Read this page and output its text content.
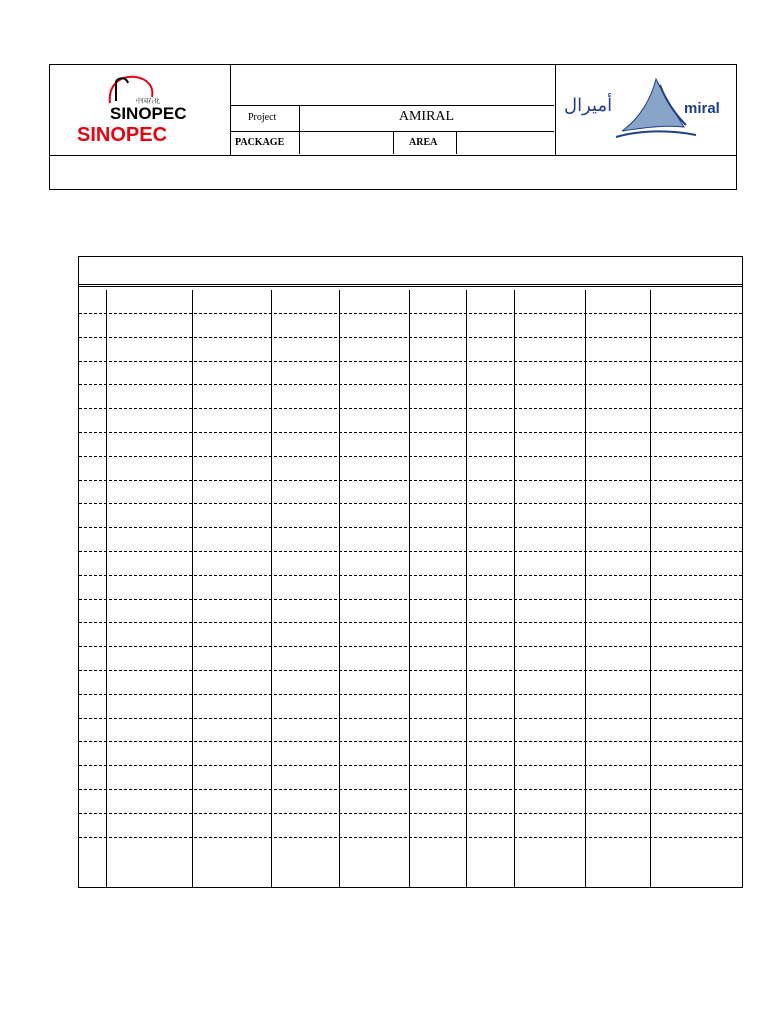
SINOPEC
中国石化
SINOPEC
Project	AMIRAL
PACKAGE	AREA
أميرال	miral
